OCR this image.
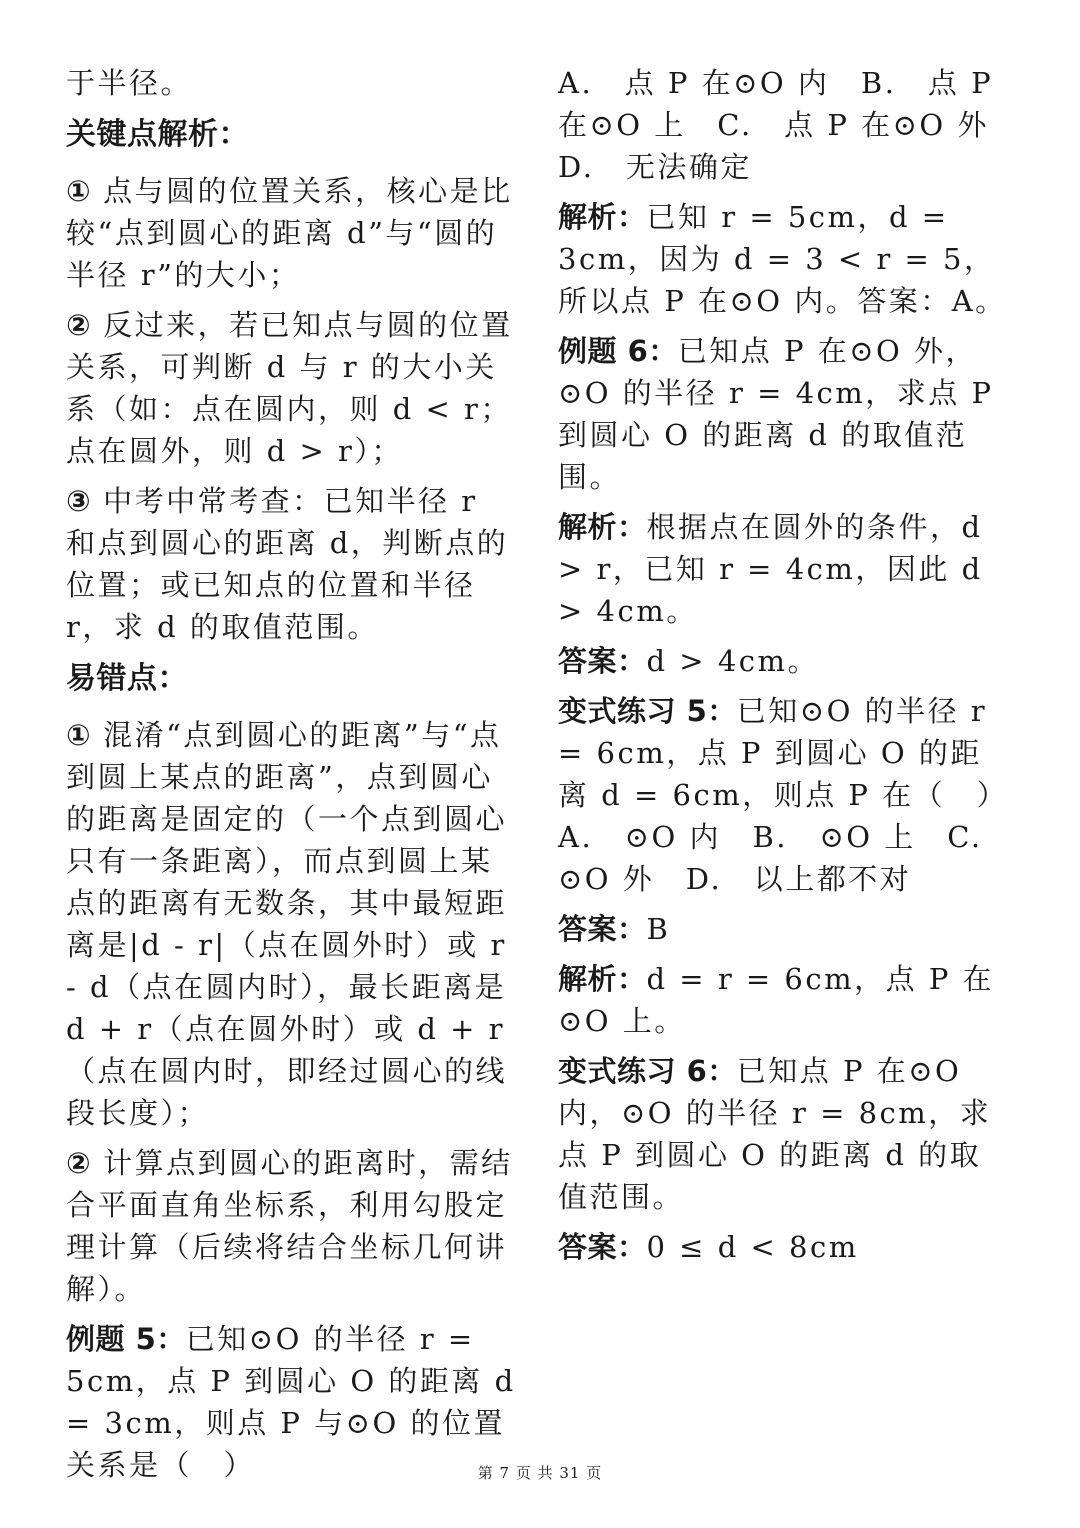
于半径。

关键点解析：

① 点与圆的位置关系，核心是比较“点到圆心的距离 d”与“圆的半径 r”的大小；

② 反过来，若已知点与圆的位置关系，可判断 d 与 r 的大小关系（如：点在圆内，则 d < r；点在圆外，则 d > r）；

③ 中考中常考查：已知半径 r 和点到圆心的距离 d，判断点的位置；或已知点的位置和半径 r，求 d 的取值范围。

易错点：

① 混淆“点到圆心的距离”与“点到圆上某点的距离”，点到圆心的距离是固定的（一个点到圆心只有一条距离），而点到圆上某点的距离有无数条，其中最短距离是|d - r|（点在圆外时）或 r - d（点在圆内时），最长距离是 d + r（点在圆外时）或 d + r（点在圆内时，即经过圆心的线段长度）；

② 计算点到圆心的距离时，需结合平面直角坐标系，利用勾股定理计算（后续将结合坐标几何讲解）。

例题 5：已知⊙O 的半径 r = 5cm，点 P 到圆心 O 的距离 d = 3cm，则点 P 与⊙O 的位置关系是（　）

A.　点 P 在⊙O 内　B.　点 P 在⊙O 上　C.　点 P 在⊙O 外　D.　无法确定

解析：已知 r = 5cm，d = 3cm，因为 d = 3 < r = 5，所以点 P 在⊙O 内。答案：A。

例题 6：已知点 P 在⊙O 外，⊙O 的半径 r = 4cm，求点 P 到圆心 O 的距离 d 的取值范围。

解析：根据点在圆外的条件，d > r，已知 r = 4cm，因此 d > 4cm。

答案：d > 4cm。

变式练习 5：已知⊙O 的半径 r = 6cm，点 P 到圆心 O 的距离 d = 6cm，则点 P 在（　）

A.　⊙O 内　B.　⊙O 上　C.　⊙O 外　D.　以上都不对

答案：B

解析：d = r = 6cm，点 P 在⊙O 上。

变式练习 6：已知点 P 在⊙O 内，⊙O 的半径 r = 8cm，求点 P 到圆心 O 的距离 d 的取值范围。

答案：0 ≤ d < 8cm

第 7 页 共 31 页
